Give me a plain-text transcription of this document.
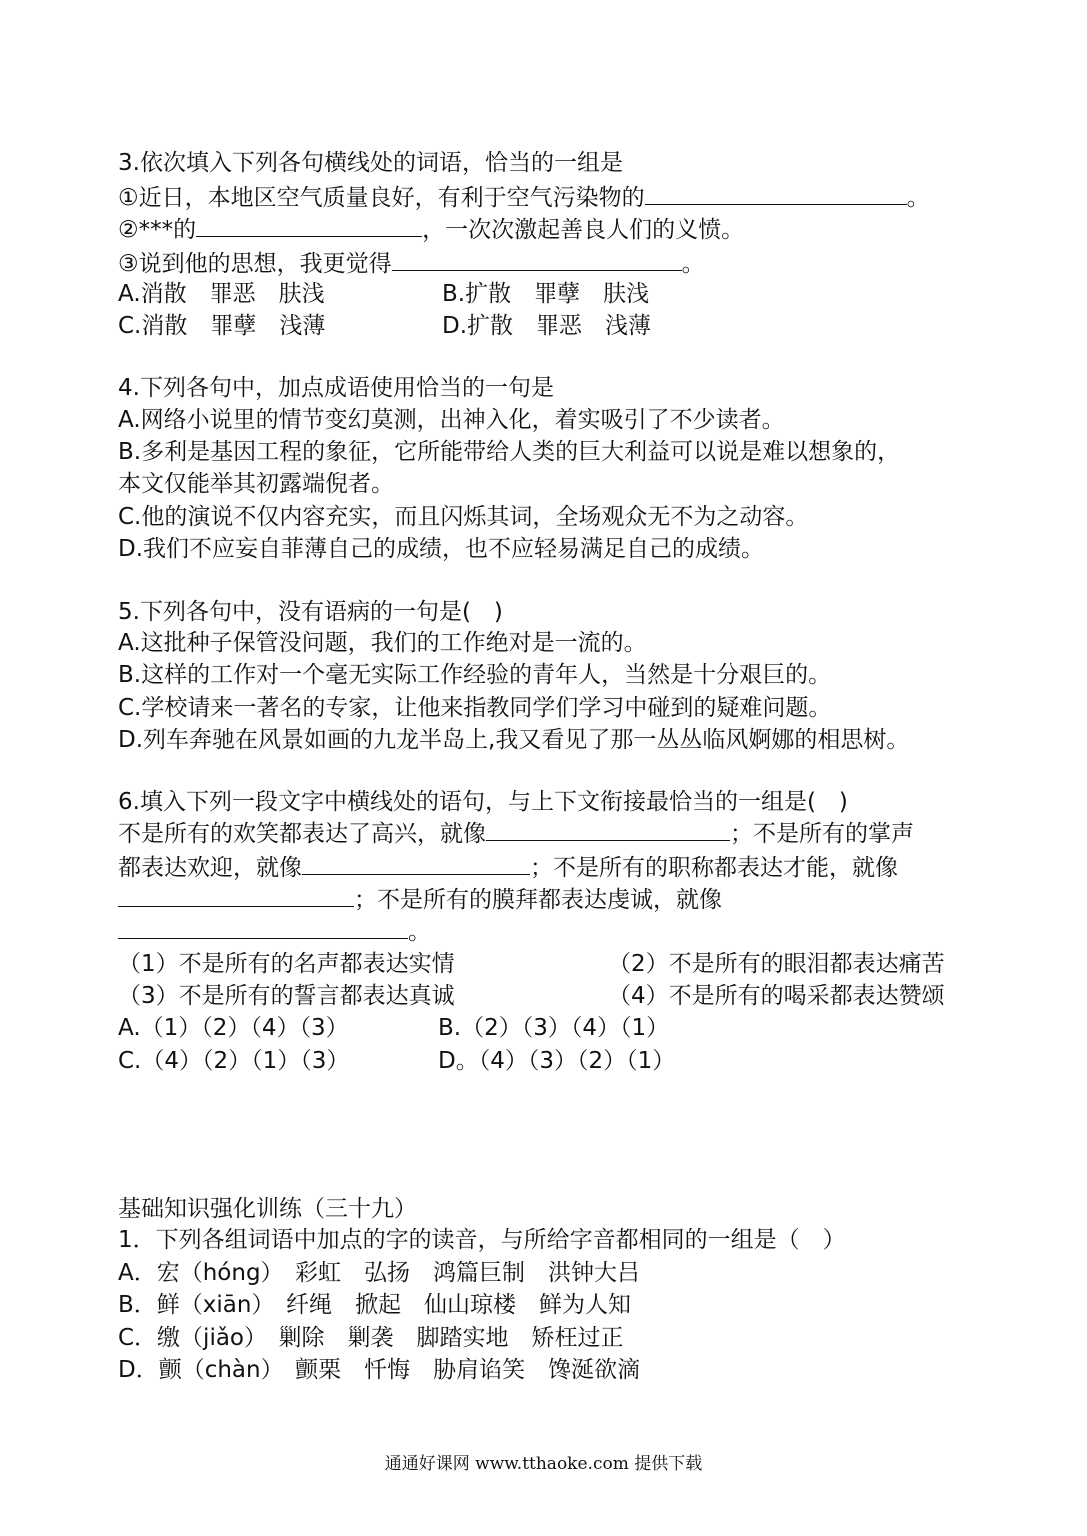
3.依次填入下列各句横线处的词语，恰当的一组是
①近日，本地区空气质量良好，有利于空气污染物的	。
②***的	，一次次激起善良人们的义愤。
③说到他的思想，我更觉得	。
A.消散　罪恶　肤浅	B.扩散　罪孽　肤浅
C.消散　罪孽　浅薄	D.扩散　罪恶　浅薄
4.下列各句中，加点成语使用恰当的一句是
A.网络小说里的情节变幻莫测，出神入化，着实吸引了不少读者。
B.多利是基因工程的象征，它所能带给人类的巨大利益可以说是难以想象的，
本文仅能举其初露端倪者。
C.他的演说不仅内容充实，而且闪烁其词，全场观众无不为之动容。
D.我们不应妄自菲薄自己的成绩，也不应轻易满足自己的成绩。
5.下列各句中，没有语病的一句是(　)
A.这批种子保管没问题，我们的工作绝对是一流的。
B.这样的工作对一个毫无实际工作经验的青年人，当然是十分艰巨的。
C.学校请来一著名的专家，让他来指教同学们学习中碰到的疑难问题。
D.列车奔驰在风景如画的九龙半岛上,我又看见了那一丛丛临风婀娜的相思树。
6.填入下列一段文字中横线处的语句，与上下文衔接最恰当的一组是(　)
不是所有的欢笑都表达了高兴，就像	；不是所有的掌声
都表达欢迎，就像	；不是所有的职称都表达才能，就像
；不是所有的膜拜都表达虔诚，就像
。
（1）不是所有的名声都表达实情	（2）不是所有的眼泪都表达痛苦
（3）不是所有的誓言都表达真诚	（4）不是所有的喝采都表达赞颂
A.（1）（2）（4）（3）	B.（2）（3）（4）（1）
C.（4）（2）（1）（3）	D。（4）（3）（2）（1）
基础知识强化训练（三十九）
1．下列各组词语中加点的字的读音，与所给字音都相同的一组是（　）
A．宏（hóng）　彩虹　弘扬　鸿篇巨制　洪钟大吕
B．鲜（xiān）　纤绳　掀起　仙山琼楼　鲜为人知
C．缴（jiǎo）　剿除　剿袭　脚踏实地　矫枉过正
D．颤（chàn）　颤栗　忏悔　胁肩谄笑　馋涎欲滴
通通好课网 www.tthaoke.com 提供下载
